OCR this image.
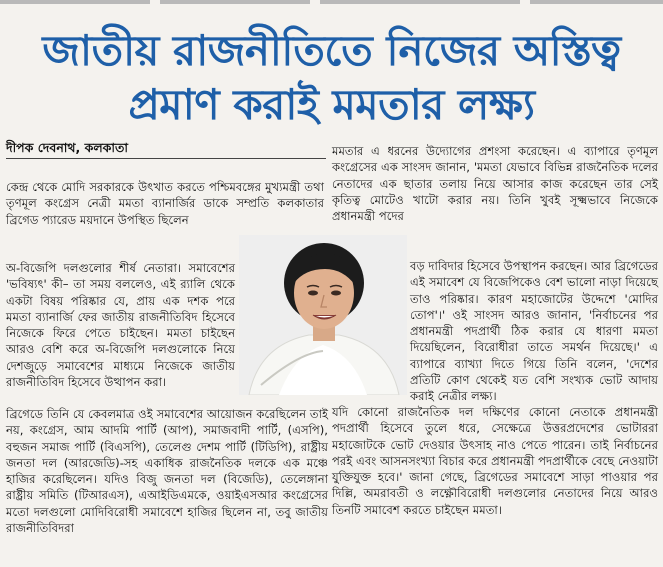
জাতীয় রাজনীতিতে নিজের অস্তিত্ব
প্রমাণ করাই মমতার লক্ষ্য
দীপক দেবনাথ, কলকাতা

কেন্দ্র থেকে মোদি সরকারকে উৎখাত করতে পশ্চিমবঙ্গের মুখ্যমন্ত্রী তথা তৃণমূল কংগ্রেস নেত্রী মমতা ব্যানার্জির ডাকে সম্প্রতি কলকাতার ব্রিগেড প্যারেড ময়দানে উপস্থিত ছিলেন

অ-বিজেপি দলগুলোর শীর্ষ নেতারা। সমাবেশের 'ভবিষ্যৎ' কী– তা সময় বললেও, এই র‍্যালি থেকে একটা বিষয় পরিষ্কার যে, প্রায় এক দশক পরে মমতা ব্যানার্জি ফের জাতীয় রাজনীতিবিদ হিসেবে নিজেকে ফিরে পেতে চাইছেন। মমতা চাইছেন আরও বেশি করে অ-বিজেপি দলগুলোকে নিয়ে দেশজুড়ে সমাবেশের মাধ্যমে নিজেকে জাতীয় রাজনীতিবিদ হিসেবে উত্থাপন করা।

ব্রিগেডে তিনি যে কেবলমাত্র ওই সমাবেশের আয়োজন করেছিলেন তাই নয়, কংগ্রেস, আম আদমি পার্টি (আপ), সমাজবাদী পার্টি, (এসপি), বহুজন সমাজ পার্টি (বিএসপি), তেলেগু দেশম পার্টি (টিডিপি), রাষ্ট্রীয় জনতা দল (আরজেডি)-সহ একাধিক রাজনৈতিক দলকে এক মঞ্চে হাজির করেছিলেন। যদিও বিজু জনতা দল (বিজেডি), তেলেঙ্গানা রাষ্ট্রীয় সমিতি (টিআরএস), এআইডিএমকে, ওয়াইএসআর কংগ্রেসের মতো দলগুলো মোদিবিরোধী সমাবেশে হাজির ছিলেন না, তবু জাতীয় রাজনীতিবিদরা

মমতার এ ধরনের উদ্যোগের প্রশংসা করেছেন। এ ব্যাপারে তৃণমূল কংগ্রেসের এক সাংসদ জানান, 'মমতা যেভাবে বিভিন্ন রাজনৈতিক দলের নেতাদের এক ছাতার তলায় নিয়ে আসার কাজ করেছেন তার সেই কৃতিত্ব মোটেও খাটো করার নয়। তিনি খুবই সূক্ষ্মভাবে নিজেকে প্রধানমন্ত্রী পদের

বড় দাবিদার হিসেবে উপস্থাপন করছেন। আর ব্রিগেডের এই সমাবেশ যে বিজেপিকেও বেশ ভালো নাড়া দিয়েছে তাও পরিষ্কার। কারণ মহাজোটের উদ্দেশে 'মোদির তোপ'।' ওই সাংসদ আরও জানান, 'নির্বাচনের পর প্রধানমন্ত্রী পদপ্রার্থী ঠিক করার যে ধারণা মমতা দিয়েছিলেন, বিরোধীরা তাতে সমর্থন দিয়েছে।' এ ব্যাপারে ব্যাখ্যা দিতে গিয়ে তিনি বলেন, 'দেশের প্রতিটি কোণ থেকেই যত বেশি সংখ্যক ভোট আদায় করাই নেত্রীর লক্ষ্য।

যদি কোনো রাজনৈতিক দল দক্ষিণের কোনো নেতাকে প্রধানমন্ত্রী পদপ্রার্থী হিসেবে তুলে ধরে, সেক্ষেত্রে উত্তরপ্রদেশের ভোটাররা মহাজোটকে ভোট দেওয়ার উৎসাহ নাও পেতে পারেন। তাই নির্বাচনের পরই এবং আসনসংখ্যা বিচার করে প্রধানমন্ত্রী পদপ্রার্থীকে বেছে নেওয়াটা যুক্তিযুক্ত হবে।' জানা গেছে, ব্রিগেডের সমাবেশে সাড়া পাওয়ার পর দিল্লি, অমরাবতী ও লক্ষ্ণৌবিরোধী দলগুলোর নেতাদের নিয়ে আরও তিনটি সমাবেশ করতে চাইছেন মমতা।
